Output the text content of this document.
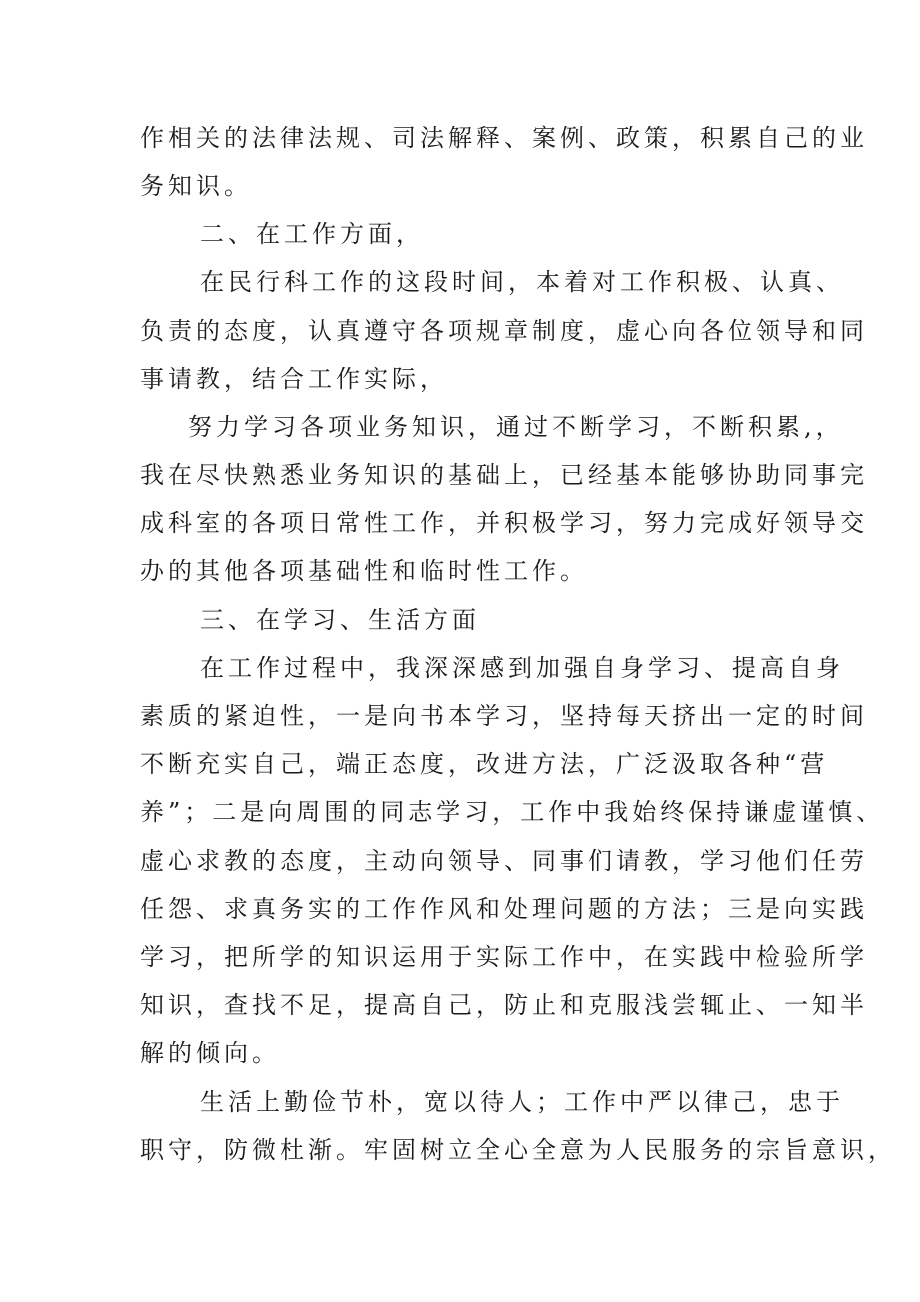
作相关的法律法规、司法解释、案例、政策，积累自己的业
务知识。
二、在工作方面，
在民行科工作的这段时间，本着对工作积极、认真、
负责的态度，认真遵守各项规章制度，虚心向各位领导和同
事请教，结合工作实际，
努力学习各项业务知识，通过不断学习，不断积累,，
我在尽快熟悉业务知识的基础上，已经基本能够协助同事完
成科室的各项日常性工作，并积极学习，努力完成好领导交
办的其他各项基础性和临时性工作。
三、在学习、生活方面
在工作过程中，我深深感到加强自身学习、提高自身
素质的紧迫性，一是向书本学习，坚持每天挤出一定的时间
不断充实自己，端正态度，改进方法，广泛汲取各种“营
养”；二是向周围的同志学习，工作中我始终保持谦虚谨慎、
虚心求教的态度，主动向领导、同事们请教，学习他们任劳
任怨、求真务实的工作作风和处理问题的方法；三是向实践
学习，把所学的知识运用于实际工作中，在实践中检验所学
知识，查找不足，提高自己，防止和克服浅尝辄止、一知半
解的倾向。
生活上勤俭节朴，宽以待人；工作中严以律己，忠于
职守，防微杜渐。牢固树立全心全意为人民服务的宗旨意识，
